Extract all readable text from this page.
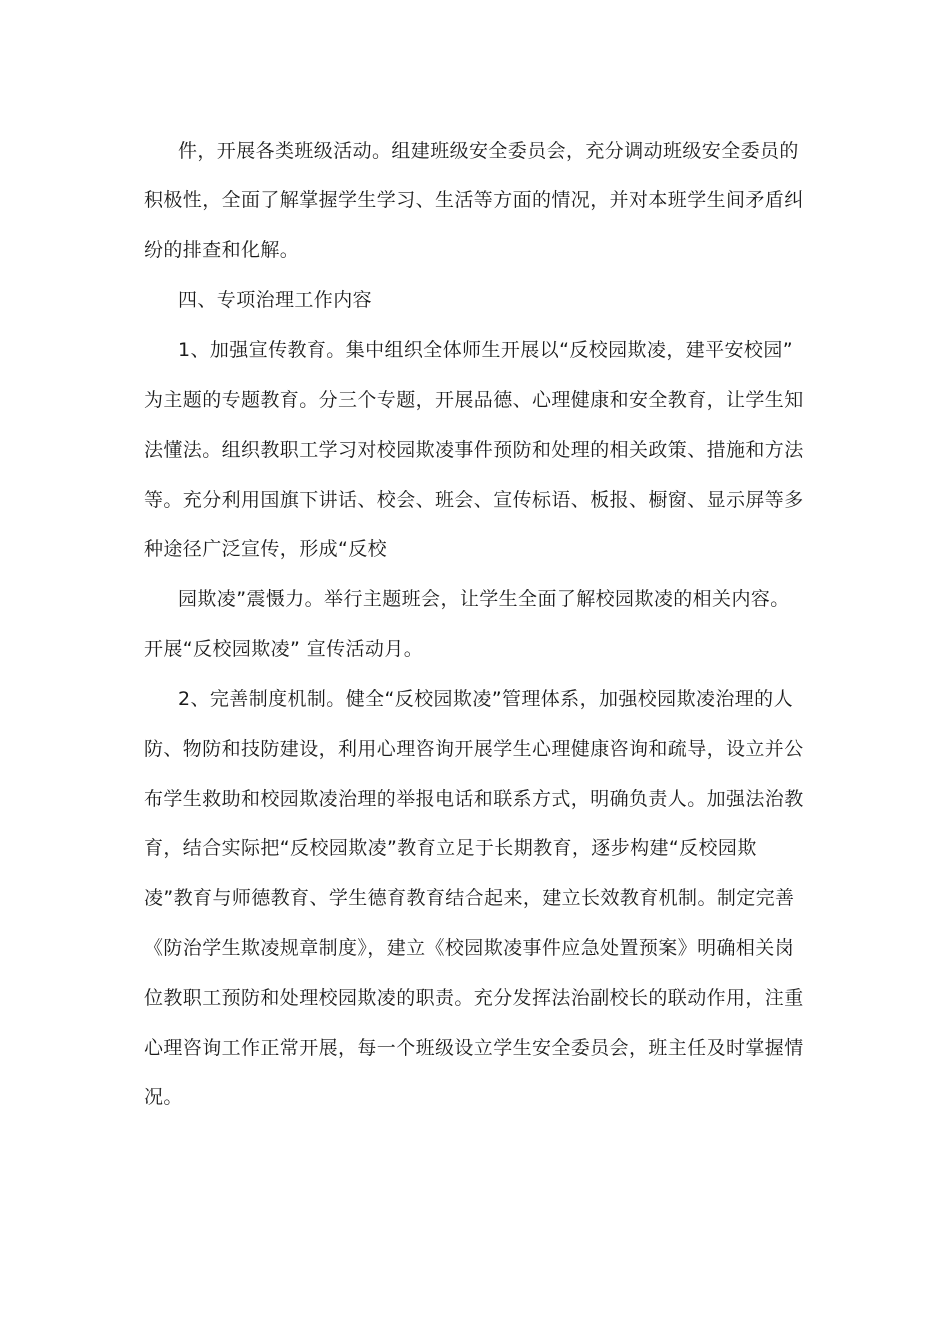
件，开展各类班级活动。组建班级安全委员会，充分调动班级安全委员的

积极性，全面了解掌握学生学习、生活等方面的情况，并对本班学生间矛盾纠

纷的排查和化解。

四、专项治理工作内容

1、加强宣传教育。集中组织全体师生开展以“反校园欺凌，建平安校园”

为主题的专题教育。分三个专题，开展品德、心理健康和安全教育，让学生知

法懂法。组织教职工学习对校园欺凌事件预防和处理的相关政策、措施和方法

等。充分利用国旗下讲话、校会、班会、宣传标语、板报、橱窗、显示屏等多

种途径广泛宣传，形成“反校

园欺凌”震慑力。举行主题班会，让学生全面了解校园欺凌的相关内容。

开展“反校园欺凌” 宣传活动月。

2、完善制度机制。健全“反校园欺凌”管理体系，加强校园欺凌治理的人

防、物防和技防建设，利用心理咨询开展学生心理健康咨询和疏导，设立并公

布学生救助和校园欺凌治理的举报电话和联系方式，明确负责人。加强法治教

育，结合实际把“反校园欺凌”教育立足于长期教育，逐步构建“反校园欺

凌”教育与师德教育、学生德育教育结合起来，建立长效教育机制。制定完善

《防治学生欺凌规章制度》，建立《校园欺凌事件应急处置预案》明确相关岗

位教职工预防和处理校园欺凌的职责。充分发挥法治副校长的联动作用，注重

心理咨询工作正常开展，每一个班级设立学生安全委员会，班主任及时掌握情

况。
